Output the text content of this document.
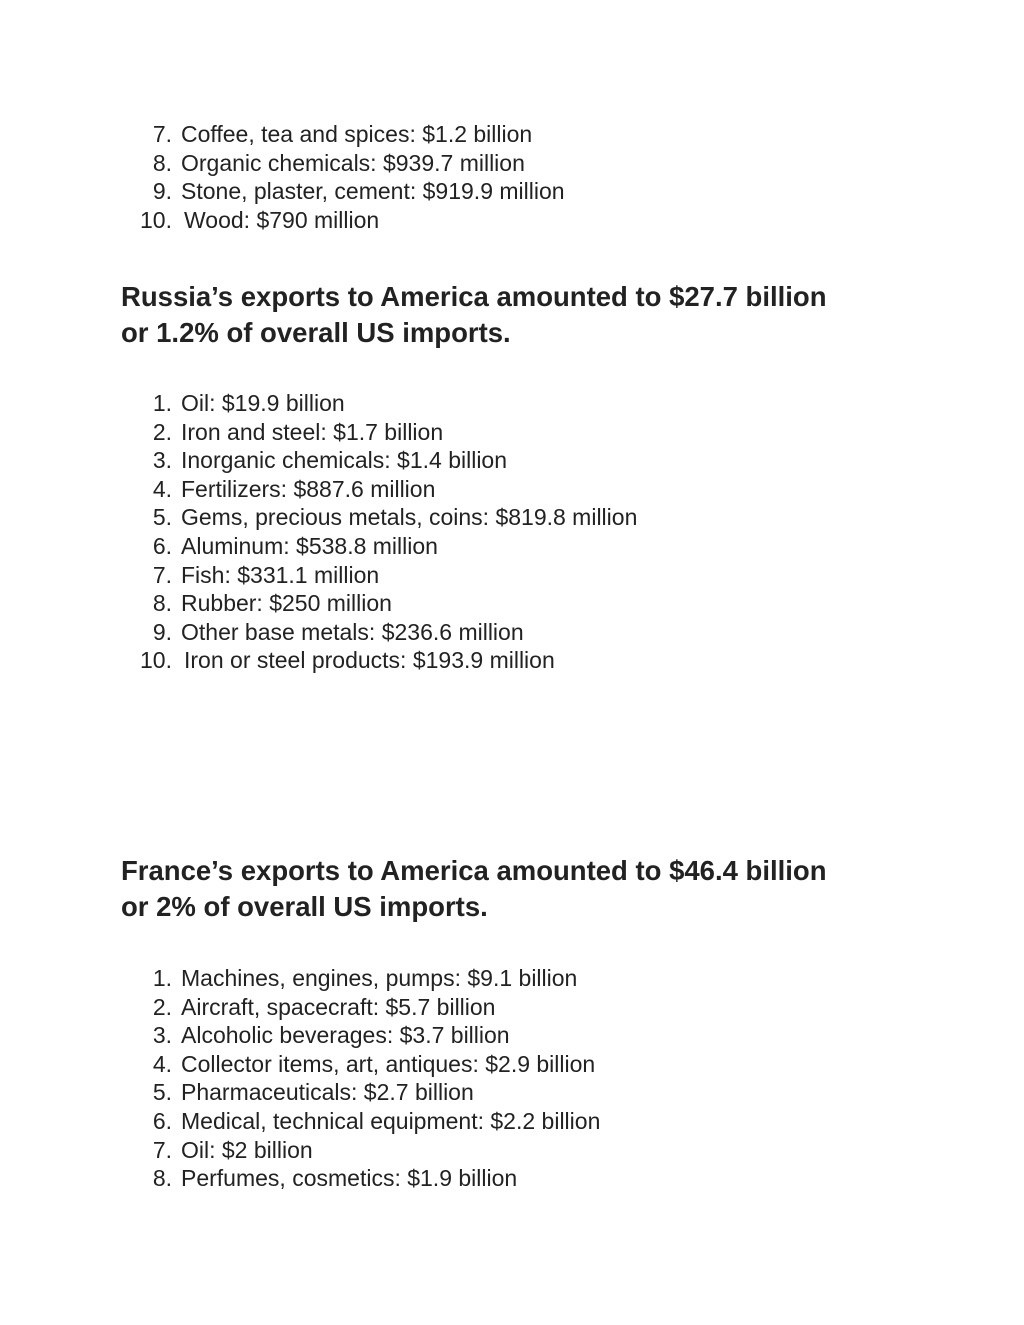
7. Coffee, tea and spices: $1.2 billion
8. Organic chemicals: $939.7 million
9. Stone, plaster, cement: $919.9 million
10. Wood: $790 million
Russia’s exports to America amounted to $27.7 billion
or 1.2% of overall US imports.
1. Oil: $19.9 billion
2. Iron and steel: $1.7 billion
3. Inorganic chemicals: $1.4 billion
4. Fertilizers: $887.6 million
5. Gems, precious metals, coins: $819.8 million
6. Aluminum: $538.8 million
7. Fish: $331.1 million
8. Rubber: $250 million
9. Other base metals: $236.6 million
10. Iron or steel products: $193.9 million
France’s exports to America amounted to $46.4 billion
or 2% of overall US imports.
1. Machines, engines, pumps: $9.1 billion
2. Aircraft, spacecraft: $5.7 billion
3. Alcoholic beverages: $3.7 billion
4. Collector items, art, antiques: $2.9 billion
5. Pharmaceuticals: $2.7 billion
6. Medical, technical equipment: $2.2 billion
7. Oil: $2 billion
8. Perfumes, cosmetics: $1.9 billion
